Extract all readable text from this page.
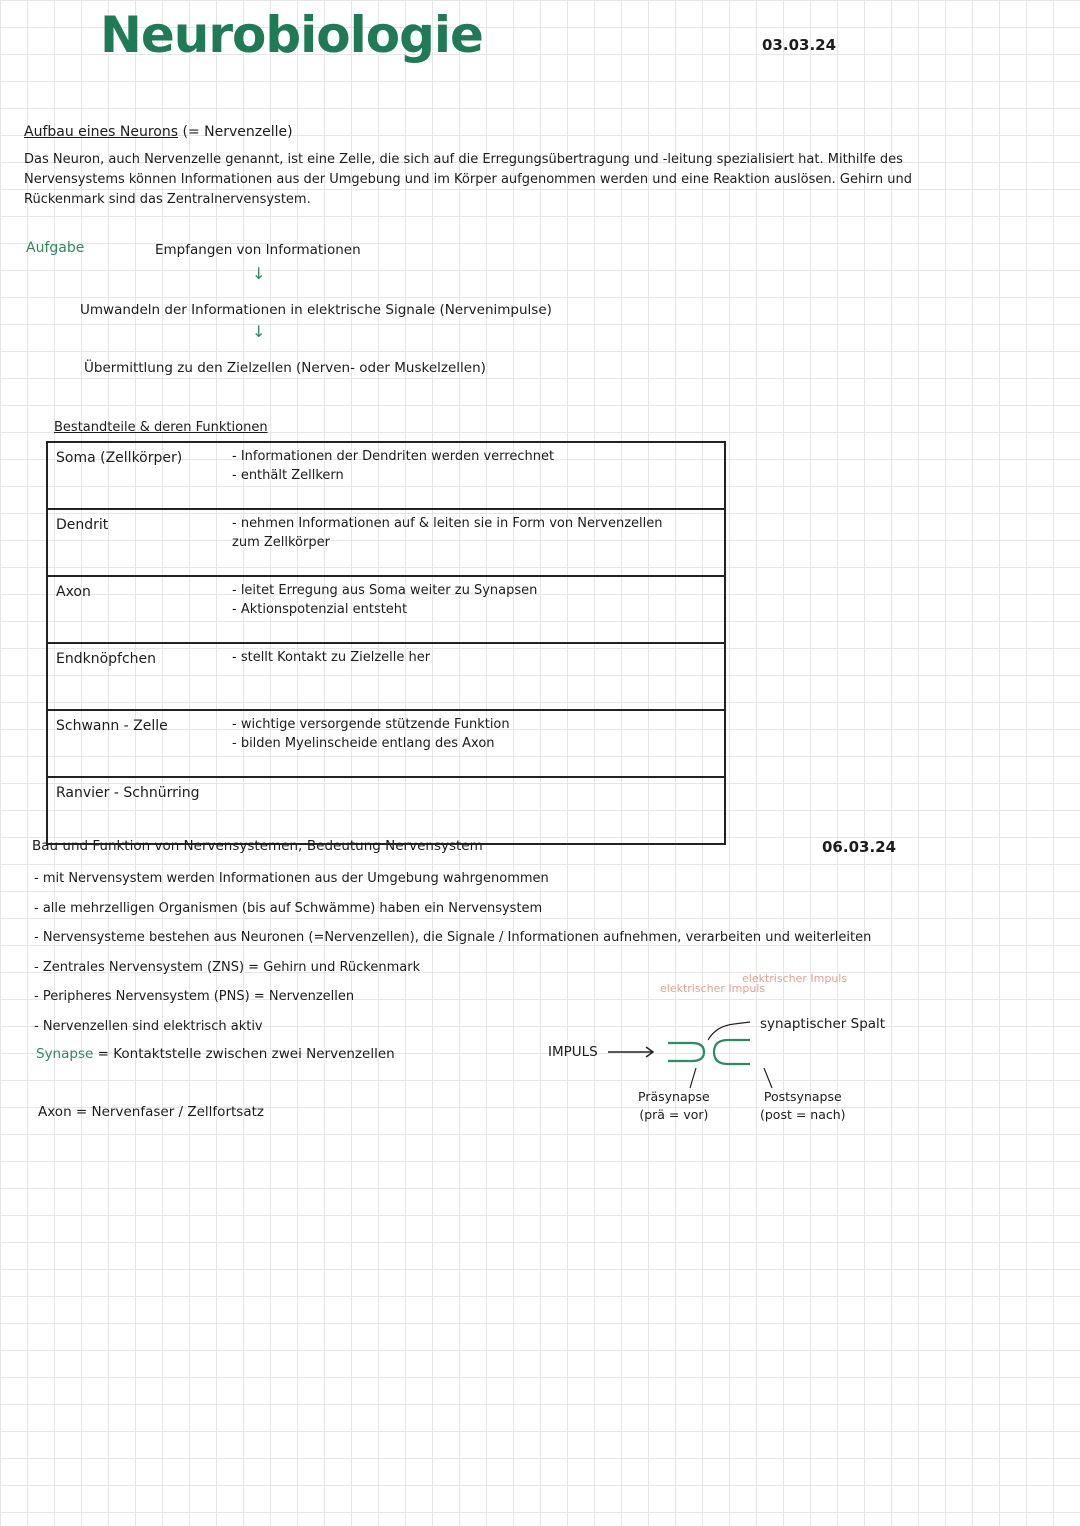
Neurobiologie	03.03.24
Aufbau eines Neurons (= Nervenzelle)
Das Neuron, auch Nervenzelle genannt, ist eine Zelle, die sich auf die Erregungsübertragung und -leitung spezialisiert hat. Mithilfe des
Nervensystems können Informationen aus der Umgebung und im Körper aufgenommen werden und eine Reaktion auslösen. Gehirn und
Rückenmark sind das Zentralnervensystem.
Aufgabe	Empfangen von Informationen
↓
Umwandeln der Informationen in elektrische Signale (Nervenimpulse)
↓
Übermittlung zu den Zielzellen (Nerven- oder Muskelzellen)
Bestandteile & deren Funktionen
Soma (Zellkörper)	- Informationen der Dendriten werden verrechnet
- enthält Zellkern

Dendrit	- nehmen Informationen auf & leiten sie in Form von Nervenzellen
zum Zellkörper

Axon	- leitet Erregung aus Soma weiter zu Synapsen
- Aktionspotenzial entsteht

Endknöpfchen	- stellt Kontakt zu Zielzelle her

Schwann - Zelle	- wichtige versorgende stützende Funktion
- bilden Myelinscheide entlang des Axon

Ranvier - Schnürring	
Bau und Funktion von Nervensystemen; Bedeutung Nervensystem	06.03.24
- mit Nervensystem werden Informationen aus der Umgebung wahrgenommen
- alle mehrzelligen Organismen (bis auf Schwämme) haben ein Nervensystem
- Nervensysteme bestehen aus Neuronen (=Nervenzellen), die Signale / Informationen aufnehmen, verarbeiten und weiterleiten
- Zentrales Nervensystem (ZNS) = Gehirn und Rückenmark
- Peripheres Nervensystem (PNS) = Nervenzellen
- Nervenzellen sind elektrisch aktiv
Synapse = Kontaktstelle zwischen zwei Nervenzellen
Axon = Nervenfaser / Zellfortsatz
elektrischer Impuls
elektrischer Impuls
synaptischer Spalt
IMPULS
Präsynapse
(prä = vor)
Postsynapse
(post = nach)
